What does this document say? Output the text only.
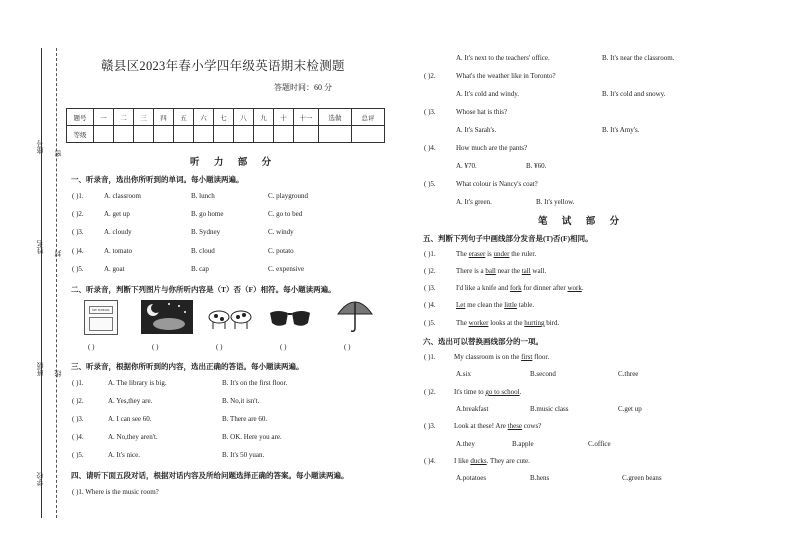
座号
姓名
班级
学校
密
封
线
赣县区2023年春小学四年级英语期末检测题
答题时间：60 分
题号	一	二	三	四	五	六	七	八	九	十	十一	选做	总评
等级													
听 力 部 分
一、听录音，选出你所听到的单词。每小题读两遍。
( )1.	A. classroom	B. lunch	C. playground
( )2.	A. get up	B. go home	C. go to bed
( )3.	A. cloudy	B. Sydney	C. windy
( )4.	A. tomato	B. cloud	C. potato
( )5.	A. goat	B. cap	C. expensive
二、听录音，判断下列图片与你所听内容是（T）否（F）相符。每小题读两遍。
MY SCHOOL
( )	( )	( )	( )	( )
三、听录音，根据你所听到的内容，选出正确的答语。每小题读两遍。
( )1.	A. The library is big.	B. It's on the first floor.
( )2.	A. Yes,they are.	B. No,it isn't.
( )3.	A. I can see 60.	B. There are 60.
( )4.	A. No,they aren't.	B. OK. Here you are.
( )5.	A. It's nice.	B. It's 50 yuan.
四、请听下面五段对话，根据对话内容及所给问题选择正确的答案。每小题读两遍。
( )1. Where is the music room?
A. It's next to the teachers' office.	B. It's near the classroom.
( )2.	What's the weather like in Toronto?
A. It's cold and windy.	B. It's cold and snowy.
( )3.	Whose hat is this?
A. It's Sarah's.	B. It's Amy's.
( )4.	How much are the pants?
A. ¥70.	B. ¥60.
( )5.	What colour is Nancy's coat?
A. It's green.	B. It's yellow.
笔 试 部 分
五、判断下列句子中画线部分发音是(T)否(F)相同。
( )1.	The eraser is under the ruler.
( )2.	There is a ball near the tall wall.
( )3.	I'd like a knife and fork for dinner after work.
( )4.	Let me clean the little table.
( )5.	The worker looks at the hurting bird.
六、选出可以替换画线部分的一项。
( )1.	My classroom is on the first floor.
A.six	B.second	C.three
( )2.	It's time to go to school.
A.breakfast	B.music class	C.get up
( )3.	Look at these! Are these cows?
A.they	B.apple	C.office
( )4.	I like ducks. They are cute.
A.potatoes	B.hens	C.green beans
